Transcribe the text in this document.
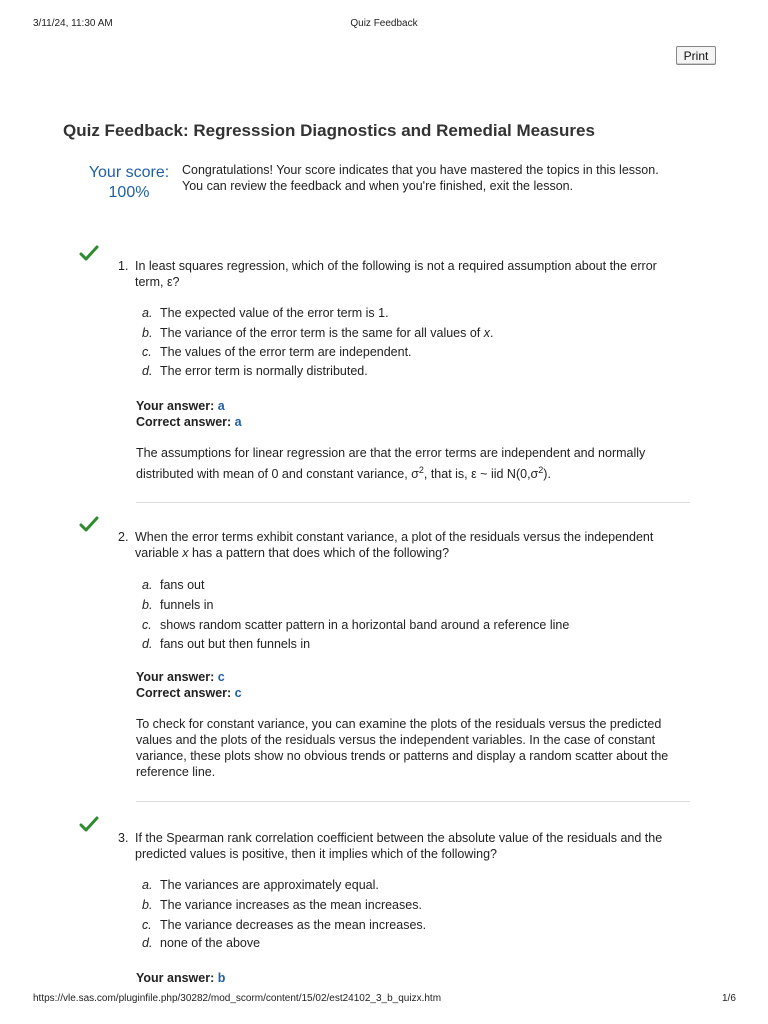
3/11/24, 11:30 AM	Quiz Feedback
Print
Quiz Feedback: Regresssion Diagnostics and Remedial Measures
Your score:
100%
Congratulations! Your score indicates that you have mastered the topics in this lesson. You can review the feedback and when you're finished, exit the lesson.
1. In least squares regression, which of the following is not a required assumption about the error term, ε?
a. The expected value of the error term is 1.
b. The variance of the error term is the same for all values of x.
c. The values of the error term are independent.
d. The error term is normally distributed.
Your answer: a
Correct answer: a
The assumptions for linear regression are that the error terms are independent and normally distributed with mean of 0 and constant variance, $\sigma^2$, that is, ε ~ iid $N(0,\sigma^2)$.
2. When the error terms exhibit constant variance, a plot of the residuals versus the independent variable x has a pattern that does which of the following?
a. fans out
b. funnels in
c. shows random scatter pattern in a horizontal band around a reference line
d. fans out but then funnels in
Your answer: c
Correct answer: c
To check for constant variance, you can examine the plots of the residuals versus the predicted values and the plots of the residuals versus the independent variables. In the case of constant variance, these plots show no obvious trends or patterns and display a random scatter about the reference line.
3. If the Spearman rank correlation coefficient between the absolute value of the residuals and the predicted values is positive, then it implies which of the following?
a. The variances are approximately equal.
b. The variance increases as the mean increases.
c. The variance decreases as the mean increases.
d. none of the above
Your answer: b
https://vle.sas.com/pluginfile.php/30282/mod_scorm/content/15/02/est24102_3_b_quizx.htm	1/6
